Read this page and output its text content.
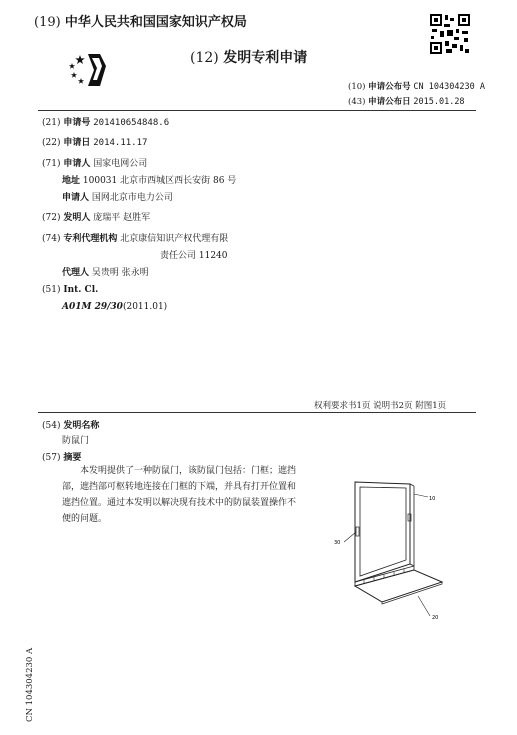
(19) 中华人民共和国国家知识产权局
(12) 发明专利申请
(10) 申请公布号 CN 104304230 A
(43) 申请公布日 2015.01.28
(21) 申请号 201410654848.6
(22) 申请日 2014.11.17
(71) 申请人 国家电网公司
地址 100031 北京市西城区西长安街 86 号
申请人 国网北京市电力公司
(72) 发明人 庞瑞平 赵胜军
(74) 专利代理机构 北京康信知识产权代理有限
责任公司 11240
代理人 吴贵明 张永明
(51) Int. Cl.
A01M 29/30(2011.01)
权利要求书1页 说明书2页 附图1页
(54) 发明名称
防鼠门
(57) 摘要
本发明提供了一种防鼠门，该防鼠门包括：门框；遮挡部，遮挡部可枢转地连接在门框的下端，并具有打开位置和遮挡位置。通过本发明以解决现有技术中的防鼠装置操作不便的问题。
10
30
20
CN 104304230 A
